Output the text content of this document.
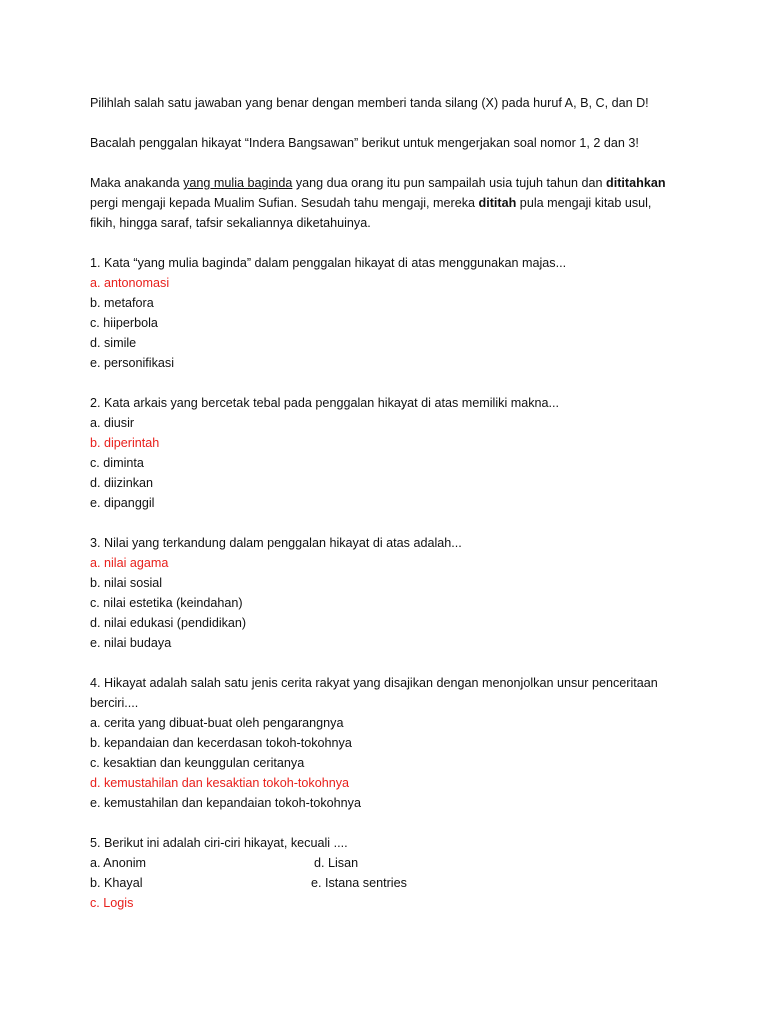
Pilihlah salah satu jawaban yang benar dengan memberi tanda silang (X) pada huruf A, B, C, dan D!
Bacalah penggalan hikayat “Indera Bangsawan” berikut untuk mengerjakan soal nomor 1, 2 dan 3!
Maka anakanda yang mulia baginda yang dua orang itu pun sampailah usia tujuh tahun dan dititahkan
pergi mengaji kepada Mualim Sufian. Sesudah tahu mengaji, mereka dititah pula mengaji kitab usul,
fikih, hingga saraf, tafsir sekaliannya diketahuinya.
1. Kata “yang mulia baginda” dalam penggalan hikayat di atas menggunakan majas...
a. antonomasi
b. metafora
c. hiiperbola
d. simile
e. personifikasi
2. Kata arkais yang bercetak tebal pada penggalan hikayat di atas memiliki makna...
a. diusir
b. diperintah
c. diminta
d. diizinkan
e. dipanggil
3. Nilai yang terkandung dalam penggalan hikayat di atas adalah...
a. nilai agama
b. nilai sosial
c. nilai estetika (keindahan)
d. nilai edukasi (pendidikan)
e. nilai budaya
4. Hikayat adalah salah satu jenis cerita rakyat yang disajikan dengan menonjolkan unsur penceritaan
berciri....
a. cerita yang dibuat-buat oleh pengarangnya
b. kepandaian dan kecerdasan tokoh-tokohnya
c. kesaktian dan keunggulan ceritanya
d. kemustahilan dan kesaktian tokoh-tokohnya
e. kemustahilan dan kepandaian tokoh-tokohnya
5. Berikut ini adalah ciri-ciri hikayat, kecuali ....
a. Anonim	d. Lisan
b. Khayal	e. Istana sentries
c. Logis
